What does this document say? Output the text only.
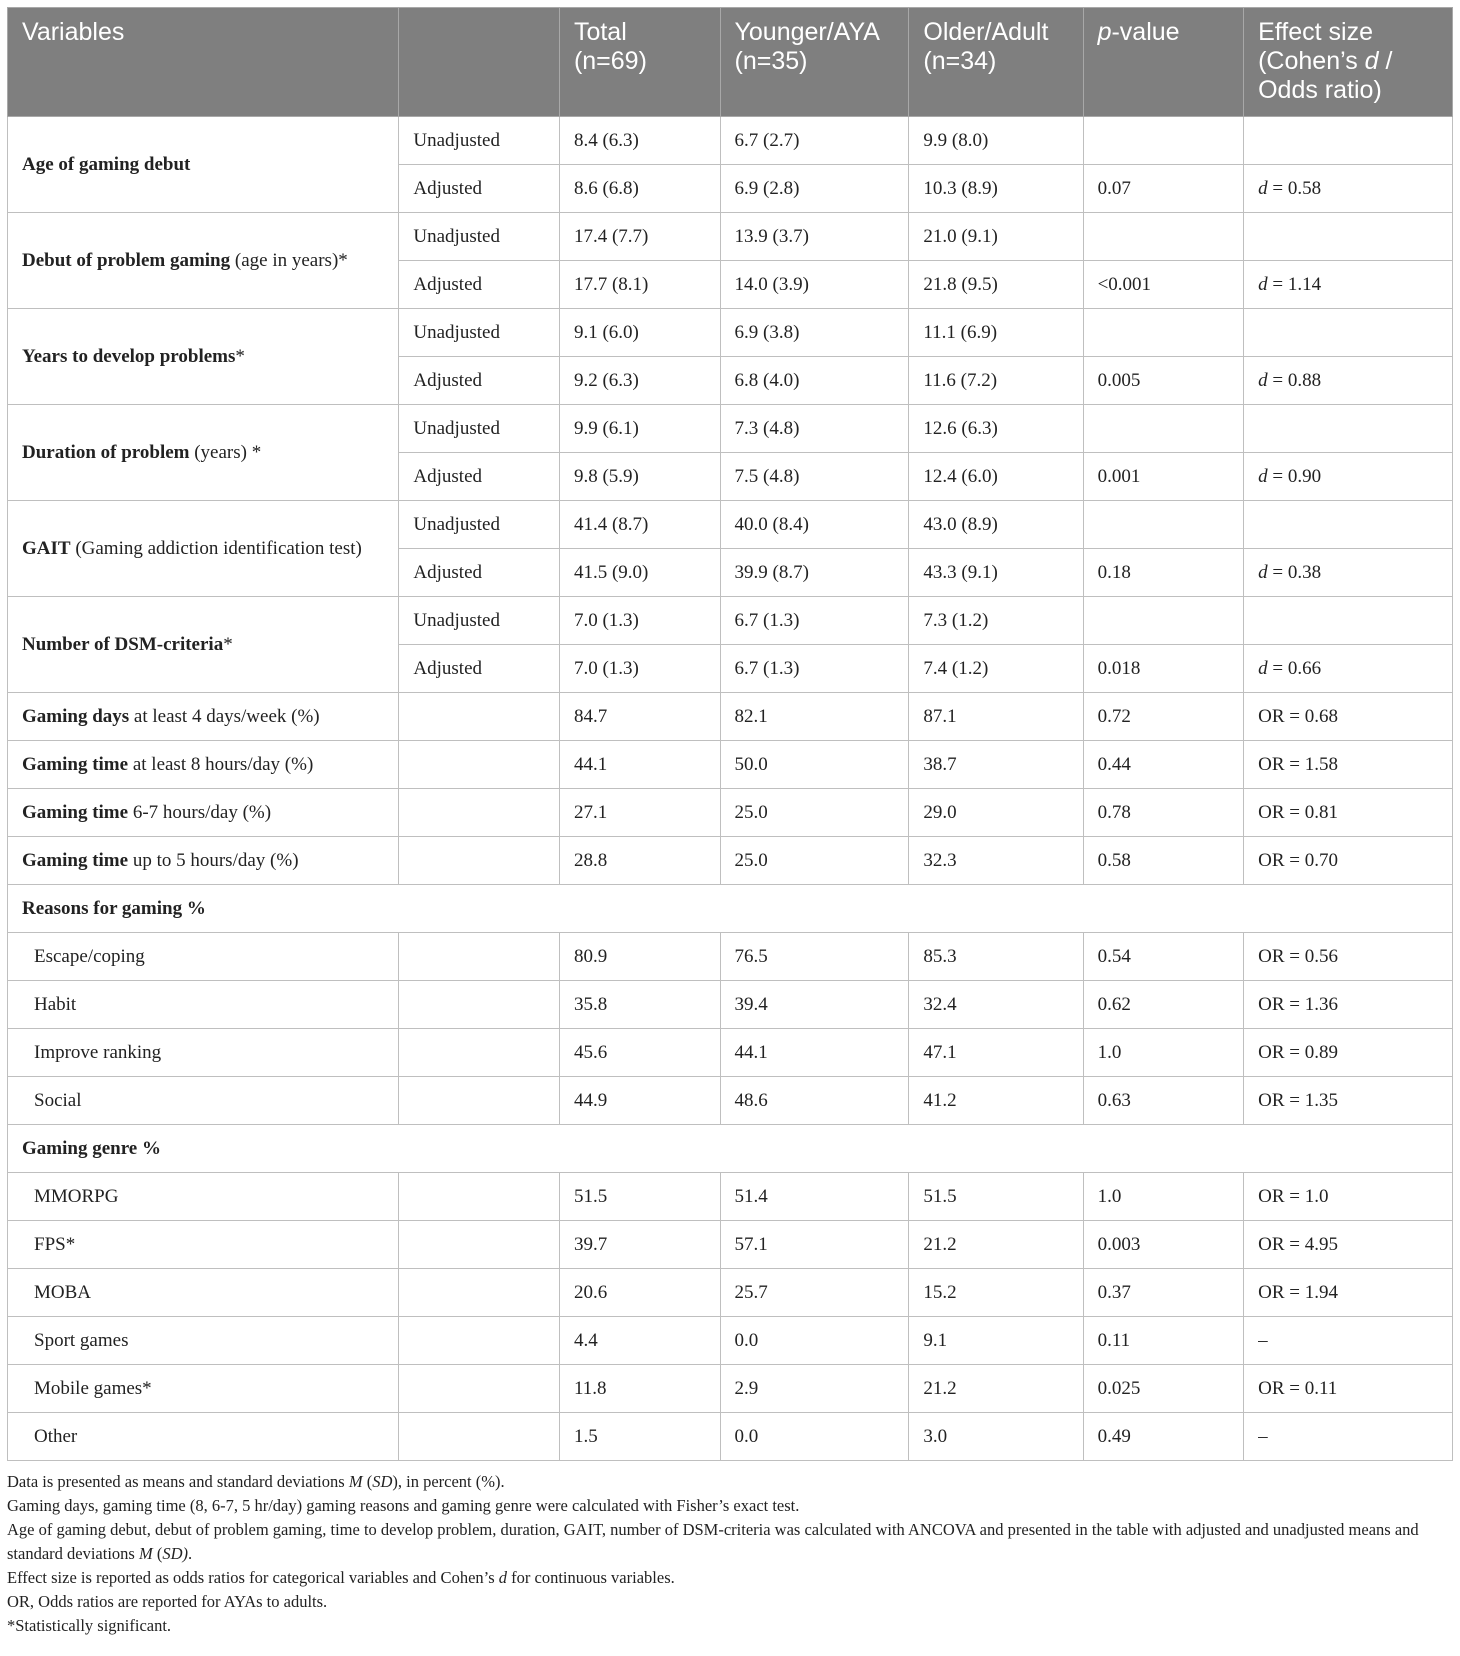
Variables		Total (n=69)	Younger/AYA (n=35)	Older/Adult (n=34)	p-value	Effect size (Cohen’s d / Odds ratio)
Age of gaming debut	Unadjusted	8.4 (6.3)	6.7 (2.7)	9.9 (8.0)		
	Adjusted	8.6 (6.8)	6.9 (2.8)	10.3 (8.9)	0.07	d = 0.58
Debut of problem gaming (age in years)*	Unadjusted	17.4 (7.7)	13.9 (3.7)	21.0 (9.1)		
	Adjusted	17.7 (8.1)	14.0 (3.9)	21.8 (9.5)	<0.001	d = 1.14
Years to develop problems*	Unadjusted	9.1 (6.0)	6.9 (3.8)	11.1 (6.9)		
	Adjusted	9.2 (6.3)	6.8 (4.0)	11.6 (7.2)	0.005	d = 0.88
Duration of problem (years) *	Unadjusted	9.9 (6.1)	7.3 (4.8)	12.6 (6.3)		
	Adjusted	9.8 (5.9)	7.5 (4.8)	12.4 (6.0)	0.001	d = 0.90
GAIT (Gaming addiction identification test)	Unadjusted	41.4 (8.7)	40.0 (8.4)	43.0 (8.9)		
	Adjusted	41.5 (9.0)	39.9 (8.7)	43.3 (9.1)	0.18	d = 0.38
Number of DSM-criteria*	Unadjusted	7.0 (1.3)	6.7 (1.3)	7.3 (1.2)		
	Adjusted	7.0 (1.3)	6.7 (1.3)	7.4 (1.2)	0.018	d = 0.66
Gaming days at least 4 days/week (%)		84.7	82.1	87.1	0.72	OR = 0.68
Gaming time at least 8 hours/day (%)		44.1	50.0	38.7	0.44	OR = 1.58
Gaming time 6-7 hours/day (%)		27.1	25.0	29.0	0.78	OR = 0.81
Gaming time up to 5 hours/day (%)		28.8	25.0	32.3	0.58	OR = 0.70
Reasons for gaming %						
Escape/coping		80.9	76.5	85.3	0.54	OR = 0.56
Habit		35.8	39.4	32.4	0.62	OR = 1.36
Improve ranking		45.6	44.1	47.1	1.0	OR = 0.89
Social		44.9	48.6	41.2	0.63	OR = 1.35
Gaming genre %						
MMORPG		51.5	51.4	51.5	1.0	OR = 1.0
FPS*		39.7	57.1	21.2	0.003	OR = 4.95
MOBA		20.6	25.7	15.2	0.37	OR = 1.94
Sport games		4.4	0.0	9.1	0.11	–
Mobile games*		11.8	2.9	21.2	0.025	OR = 0.11
Other		1.5	0.0	3.0	0.49	–
Data is presented as means and standard deviations M (SD), in percent (%).
Gaming days, gaming time (8, 6-7, 5 hr/day) gaming reasons and gaming genre were calculated with Fisher’s exact test.
Age of gaming debut, debut of problem gaming, time to develop problem, duration, GAIT, number of DSM-criteria was calculated with ANCOVA and presented in the table with adjusted and unadjusted means and standard deviations M (SD).
Effect size is reported as odds ratios for categorical variables and Cohen’s d for continuous variables.
OR, Odds ratios are reported for AYAs to adults.
*Statistically significant.
